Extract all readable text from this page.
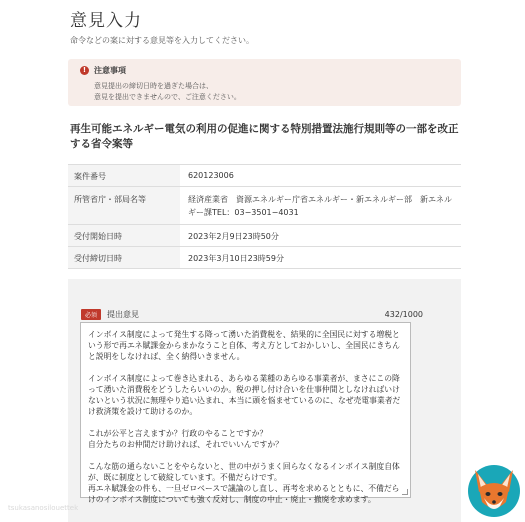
意見入力

命令などの案に対する意見等を入力してください。

! 注意事項
意見提出の締切日時を過ぎた場合は、
意見を提出できませんので、ご注意ください。
再生可能エネルギー電気の利用の促進に関する特別措置法施行規則等の一部を改正する省令案等
案件番号	620123006
所管省庁・部局名等	経済産業省　資源エネルギー庁省エネルギー・新エネルギー部　新エネルギー課TEL：03−3501−4031
受付開始日時	2023年2月9日23時50分
受付締切日時	2023年3月10日23時59分
必須	提出意見	432/1000

インボイス制度によって発生する降って湧いた消費税を、結果的に全国民に対する増税という形で再エネ賦課金からまかなうこと自体、考え方としておかしいし、全国民にきちんと説明をしなければ、全く納得いきません。

インボイス制度によって巻き込まれる、あらゆる業種のあらゆる事業者が、まさにこの降って湧いた消費税をどうしたらいいのか。税の押し付け合いを仕事仲間としなければいけないという状況に無理やり追い込まれ、本当に頭を悩ませているのに、なぜ売電事業者だけ救済策を設けて助けるのか。

これが公平と言えますか？行政のやることですか？
自分たちのお仲間だけ助ければ、それでいいんですか？

こんな筋の通らないことをやらないと、世の中がうまく回らなくなるインボイス制度自体が、既に制度として破綻しています。不備だらけです。
再エネ賦課金の件も、一旦ゼロベースで議論のし直し、再考を求めるとともに、不備だらけのインボイス制度についても強く反対し、制度の中止・廃止・撤廃を求めます。

tsukasanosilouettek
